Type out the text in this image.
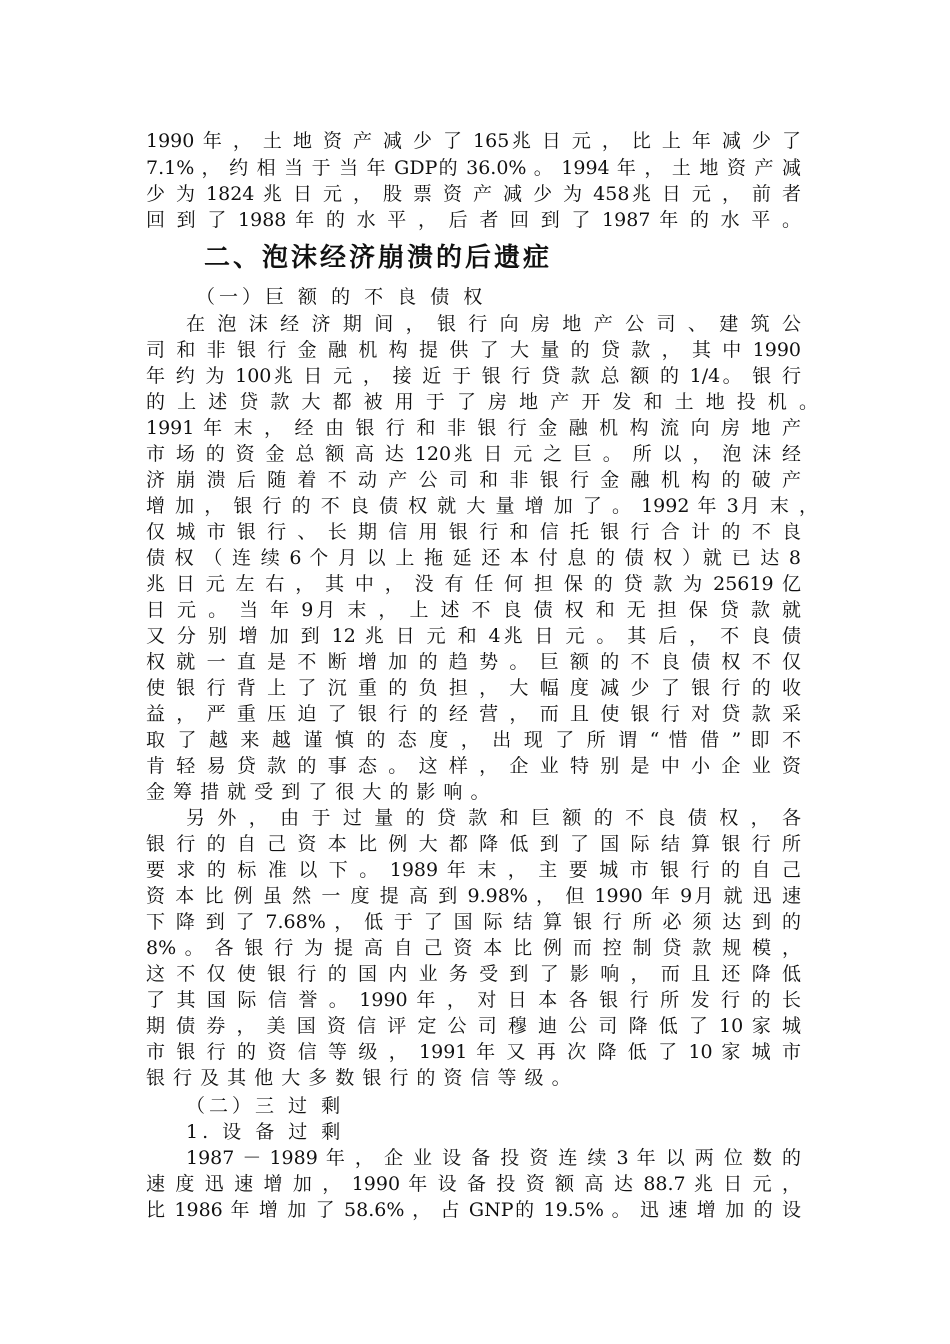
1990 年 ， 土 地 资 产 减 少 了 165兆 日 元 ， 比 上 年 减 少 了
7.1% ， 约 相 当 于 当 年 GDP的 36.0% 。 1994 年 ， 土 地 资 产 减
少 为 1824 兆 日 元 ， 股 票 资 产 减 少 为 458兆 日 元 ， 前 者
回 到 了 1988 年 的 水 平 ， 后 者 回 到 了 1987 年 的 水 平 。
二、泡沫经济崩溃的后遗症
（一）巨 额 的 不 良 债 权
在 泡 沫 经 济 期 间 ， 银 行 向 房 地 产 公 司 、 建 筑 公
司 和 非 银 行 金 融 机 构 提 供 了 大 量 的 贷 款 ， 其 中 1990
年 约 为 100兆 日 元 ， 接 近 于 银 行 贷 款 总 额 的 1/4。 银 行
的 上 述 贷 款 大 都 被 用 于 了 房 地 产 开 发 和 土 地 投 机 。
1991 年 末 ， 经 由 银 行 和 非 银 行 金 融 机 构 流 向 房 地 产
市 场 的 资 金 总 额 高 达 120兆 日 元 之 巨 。 所 以 ， 泡 沫 经
济 崩 溃 后 随 着 不 动 产 公 司 和 非 银 行 金 融 机 构 的 破 产
增 加 ， 银 行 的 不 良 债 权 就 大 量 增 加 了 。 1992 年 3月 末 ，
仅 城 市 银 行 、 长 期 信 用 银 行 和 信 托 银 行 合 计 的 不 良
债 权 （ 连 续 6 个 月 以 上 拖 延 还 本 付 息 的 债 权 ）就 已 达 8
兆 日 元 左 右 ， 其 中 ， 没 有 任 何 担 保 的 贷 款 为 25619 亿
日 元 。 当 年 9月 末 ， 上 述 不 良 债 权 和 无 担 保 贷 款 就
又 分 别 增 加 到 12 兆 日 元 和 4兆 日 元 。 其 后 ， 不 良 债
权 就 一 直 是 不 断 增 加 的 趋 势 。 巨 额 的 不 良 债 权 不 仅
使 银 行 背 上 了 沉 重 的 负 担 ， 大 幅 度 减 少 了 银 行 的 收
益 ， 严 重 压 迫 了 银 行 的 经 营 ， 而 且 使 银 行 对 贷 款 采
取 了 越 来 越 谨 慎 的 态 度 ， 出 现 了 所 谓 “ 惜 借 ” 即 不
肯 轻 易 贷 款 的 事 态 。 这 样 ， 企 业 特 别 是 中 小 企 业 资
金 筹 措 就 受 到 了 很 大 的 影 响 。
另 外 ， 由 于 过 量 的 贷 款 和 巨 额 的 不 良 债 权 ， 各
银 行 的 自 己 资 本 比 例 大 都 降 低 到 了 国 际 结 算 银 行 所
要 求 的 标 准 以 下 。 1989 年 末 ， 主 要 城 市 银 行 的 自 己
资 本 比 例 虽 然 一 度 提 高 到 9.98% ， 但 1990 年 9月 就 迅 速
下 降 到 了 7.68% ， 低 于 了 国 际 结 算 银 行 所 必 须 达 到 的
8% 。 各 银 行 为 提 高 自 己 资 本 比 例 而 控 制 贷 款 规 模 ，
这 不 仅 使 银 行 的 国 内 业 务 受 到 了 影 响 ， 而 且 还 降 低
了 其 国 际 信 誉 。 1990 年 ， 对 日 本 各 银 行 所 发 行 的 长
期 债 券 ， 美 国 资 信 评 定 公 司 穆 迪 公 司 降 低 了 10 家 城
市 银 行 的 资 信 等 级 ， 1991 年 又 再 次 降 低 了 10 家 城 市
银 行 及 其 他 大 多 数 银 行 的 资 信 等 级 。
（二）三 过 剩
1. 设 备 过 剩
1987 － 1989 年 ， 企 业 设 备 投 资 连 续 3 年 以 两 位 数 的
速 度 迅 速 增 加 ， 1990 年 设 备 投 资 额 高 达 88.7 兆 日 元 ，
比 1986 年 增 加 了 58.6% ， 占 GNP的 19.5% 。 迅 速 增 加 的 设
